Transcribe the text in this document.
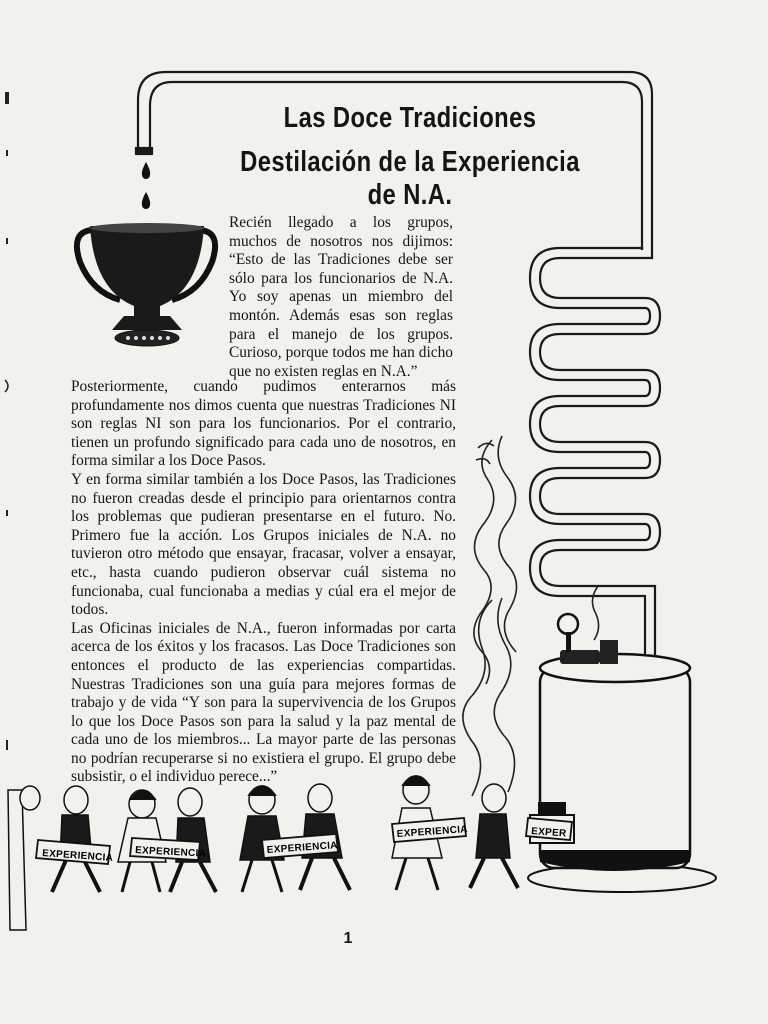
EXPERIENCIA EXPERIENCIA	EXPERIENCIA
EXPERIENCIA	EXPER
Las Doce Tradiciones
Destilación de la Experiencia de N.A.

Recién llegado a los grupos, muchos de nosotros nos dijimos: “Esto de las Tradiciones debe ser sólo para los funcionarios de N.A. Yo soy apenas un miembro del montón. Además esas son reglas para el manejo de los grupos. Curioso, porque todos me han dicho que no existen reglas en N.A.”

Posteriormente, cuando pudimos enterarnos más profundamente nos dimos cuenta que nuestras Tradiciones NI son reglas NI son para los funcionarios. Por el contrario, tienen un profundo significado para cada uno de nosotros, en forma similar a los Doce Pasos.

Y en forma similar también a los Doce Pasos, las Tradiciones no fueron creadas desde el principio para orientarnos contra los problemas que pudieran presentarse en el futuro. No. Primero fue la acción. Los Grupos iniciales de N.A. no tuvieron otro método que ensayar, fracasar, volver a ensayar, etc., hasta cuando pudieron observar cuál sistema no funcionaba, cual funcionaba a medias y cúal era el mejor de todos.

Las Oficinas iniciales de N.A., fueron informadas por carta acerca de los éxitos y los fracasos. Las Doce Tradiciones son entonces el producto de las experiencias compartidas. Nuestras Tradiciones son una guía para mejores formas de trabajo y de vida “Y son para la supervivencia de los Grupos lo que los Doce Pasos son para la salud y la paz mental de cada uno de los miembros... La mayor parte de las personas no podrían recuperarse si no existiera el grupo. El grupo debe subsistir, o el individuo perece...”

1
